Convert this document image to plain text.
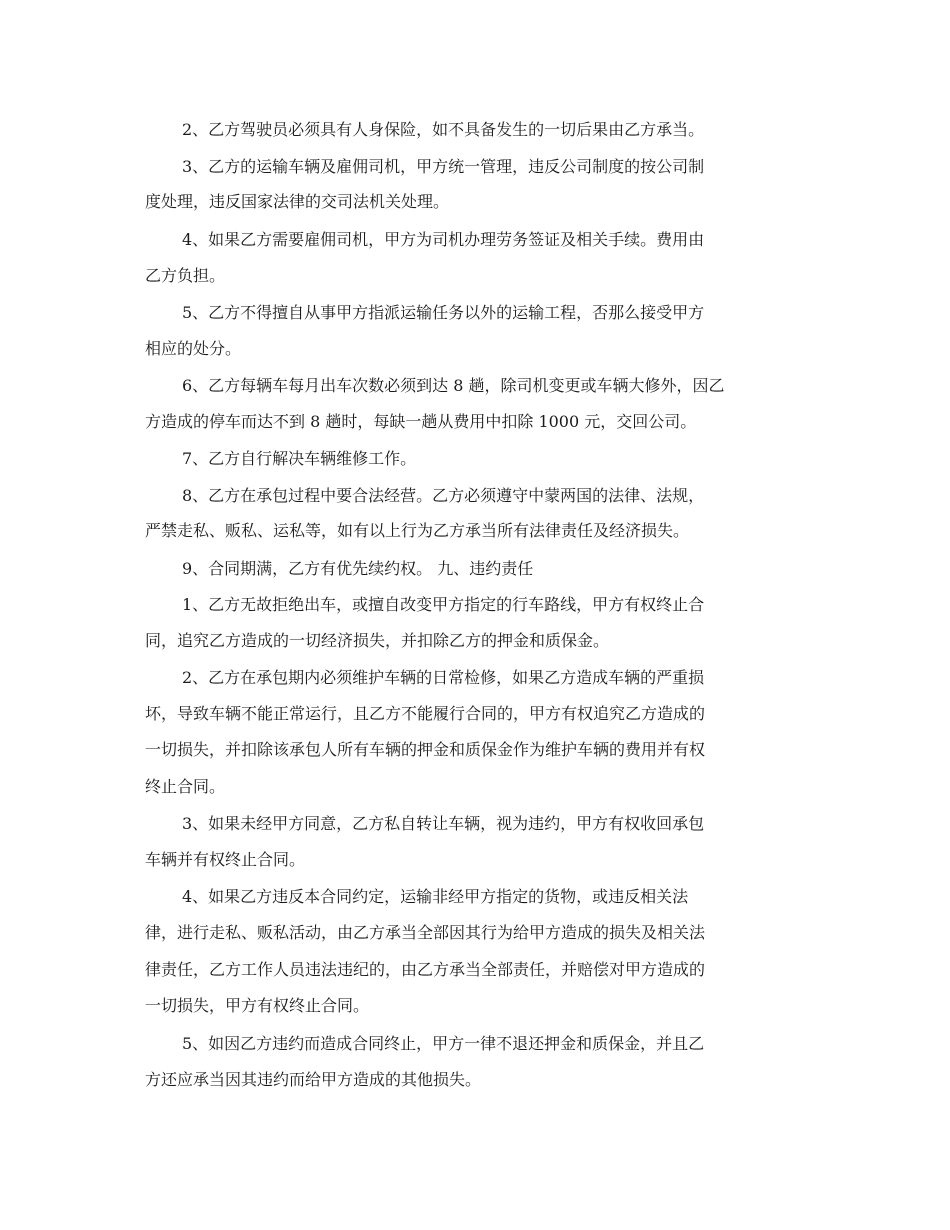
2、乙方驾驶员必须具有人身保险，如不具备发生的一切后果由乙方承当。
3、乙方的运输车辆及雇佣司机，甲方统一管理，违反公司制度的按公司制
度处理，违反国家法律的交司法机关处理。
4、如果乙方需要雇佣司机，甲方为司机办理劳务签证及相关手续。费用由
乙方负担。
5、乙方不得擅自从事甲方指派运输任务以外的运输工程，否那么接受甲方
相应的处分。
6、乙方每辆车每月出车次数必须到达 8 趟，除司机变更或车辆大修外，因乙
方造成的停车而达不到 8 趟时，每缺一趟从费用中扣除 1000 元，交回公司。
7、乙方自行解决车辆维修工作。
8、乙方在承包过程中要合法经营。乙方必须遵守中蒙两国的法律、法规，
严禁走私、贩私、运私等，如有以上行为乙方承当所有法律责任及经济损失。
9、合同期满，乙方有优先续约权。 九、违约责任
1、乙方无故拒绝出车，或擅自改变甲方指定的行车路线，甲方有权终止合
同，追究乙方造成的一切经济损失，并扣除乙方的押金和质保金。
2、乙方在承包期内必须维护车辆的日常检修，如果乙方造成车辆的严重损
坏，导致车辆不能正常运行，且乙方不能履行合同的，甲方有权追究乙方造成的
一切损失，并扣除该承包人所有车辆的押金和质保金作为维护车辆的费用并有权
终止合同。
3、如果未经甲方同意，乙方私自转让车辆，视为违约，甲方有权收回承包
车辆并有权终止合同。
4、如果乙方违反本合同约定，运输非经甲方指定的货物，或违反相关法
律，进行走私、贩私活动，由乙方承当全部因其行为给甲方造成的损失及相关法
律责任，乙方工作人员违法违纪的，由乙方承当全部责任，并赔偿对甲方造成的
一切损失，甲方有权终止合同。
5、如因乙方违约而造成合同终止，甲方一律不退还押金和质保金，并且乙
方还应承当因其违约而给甲方造成的其他损失。
